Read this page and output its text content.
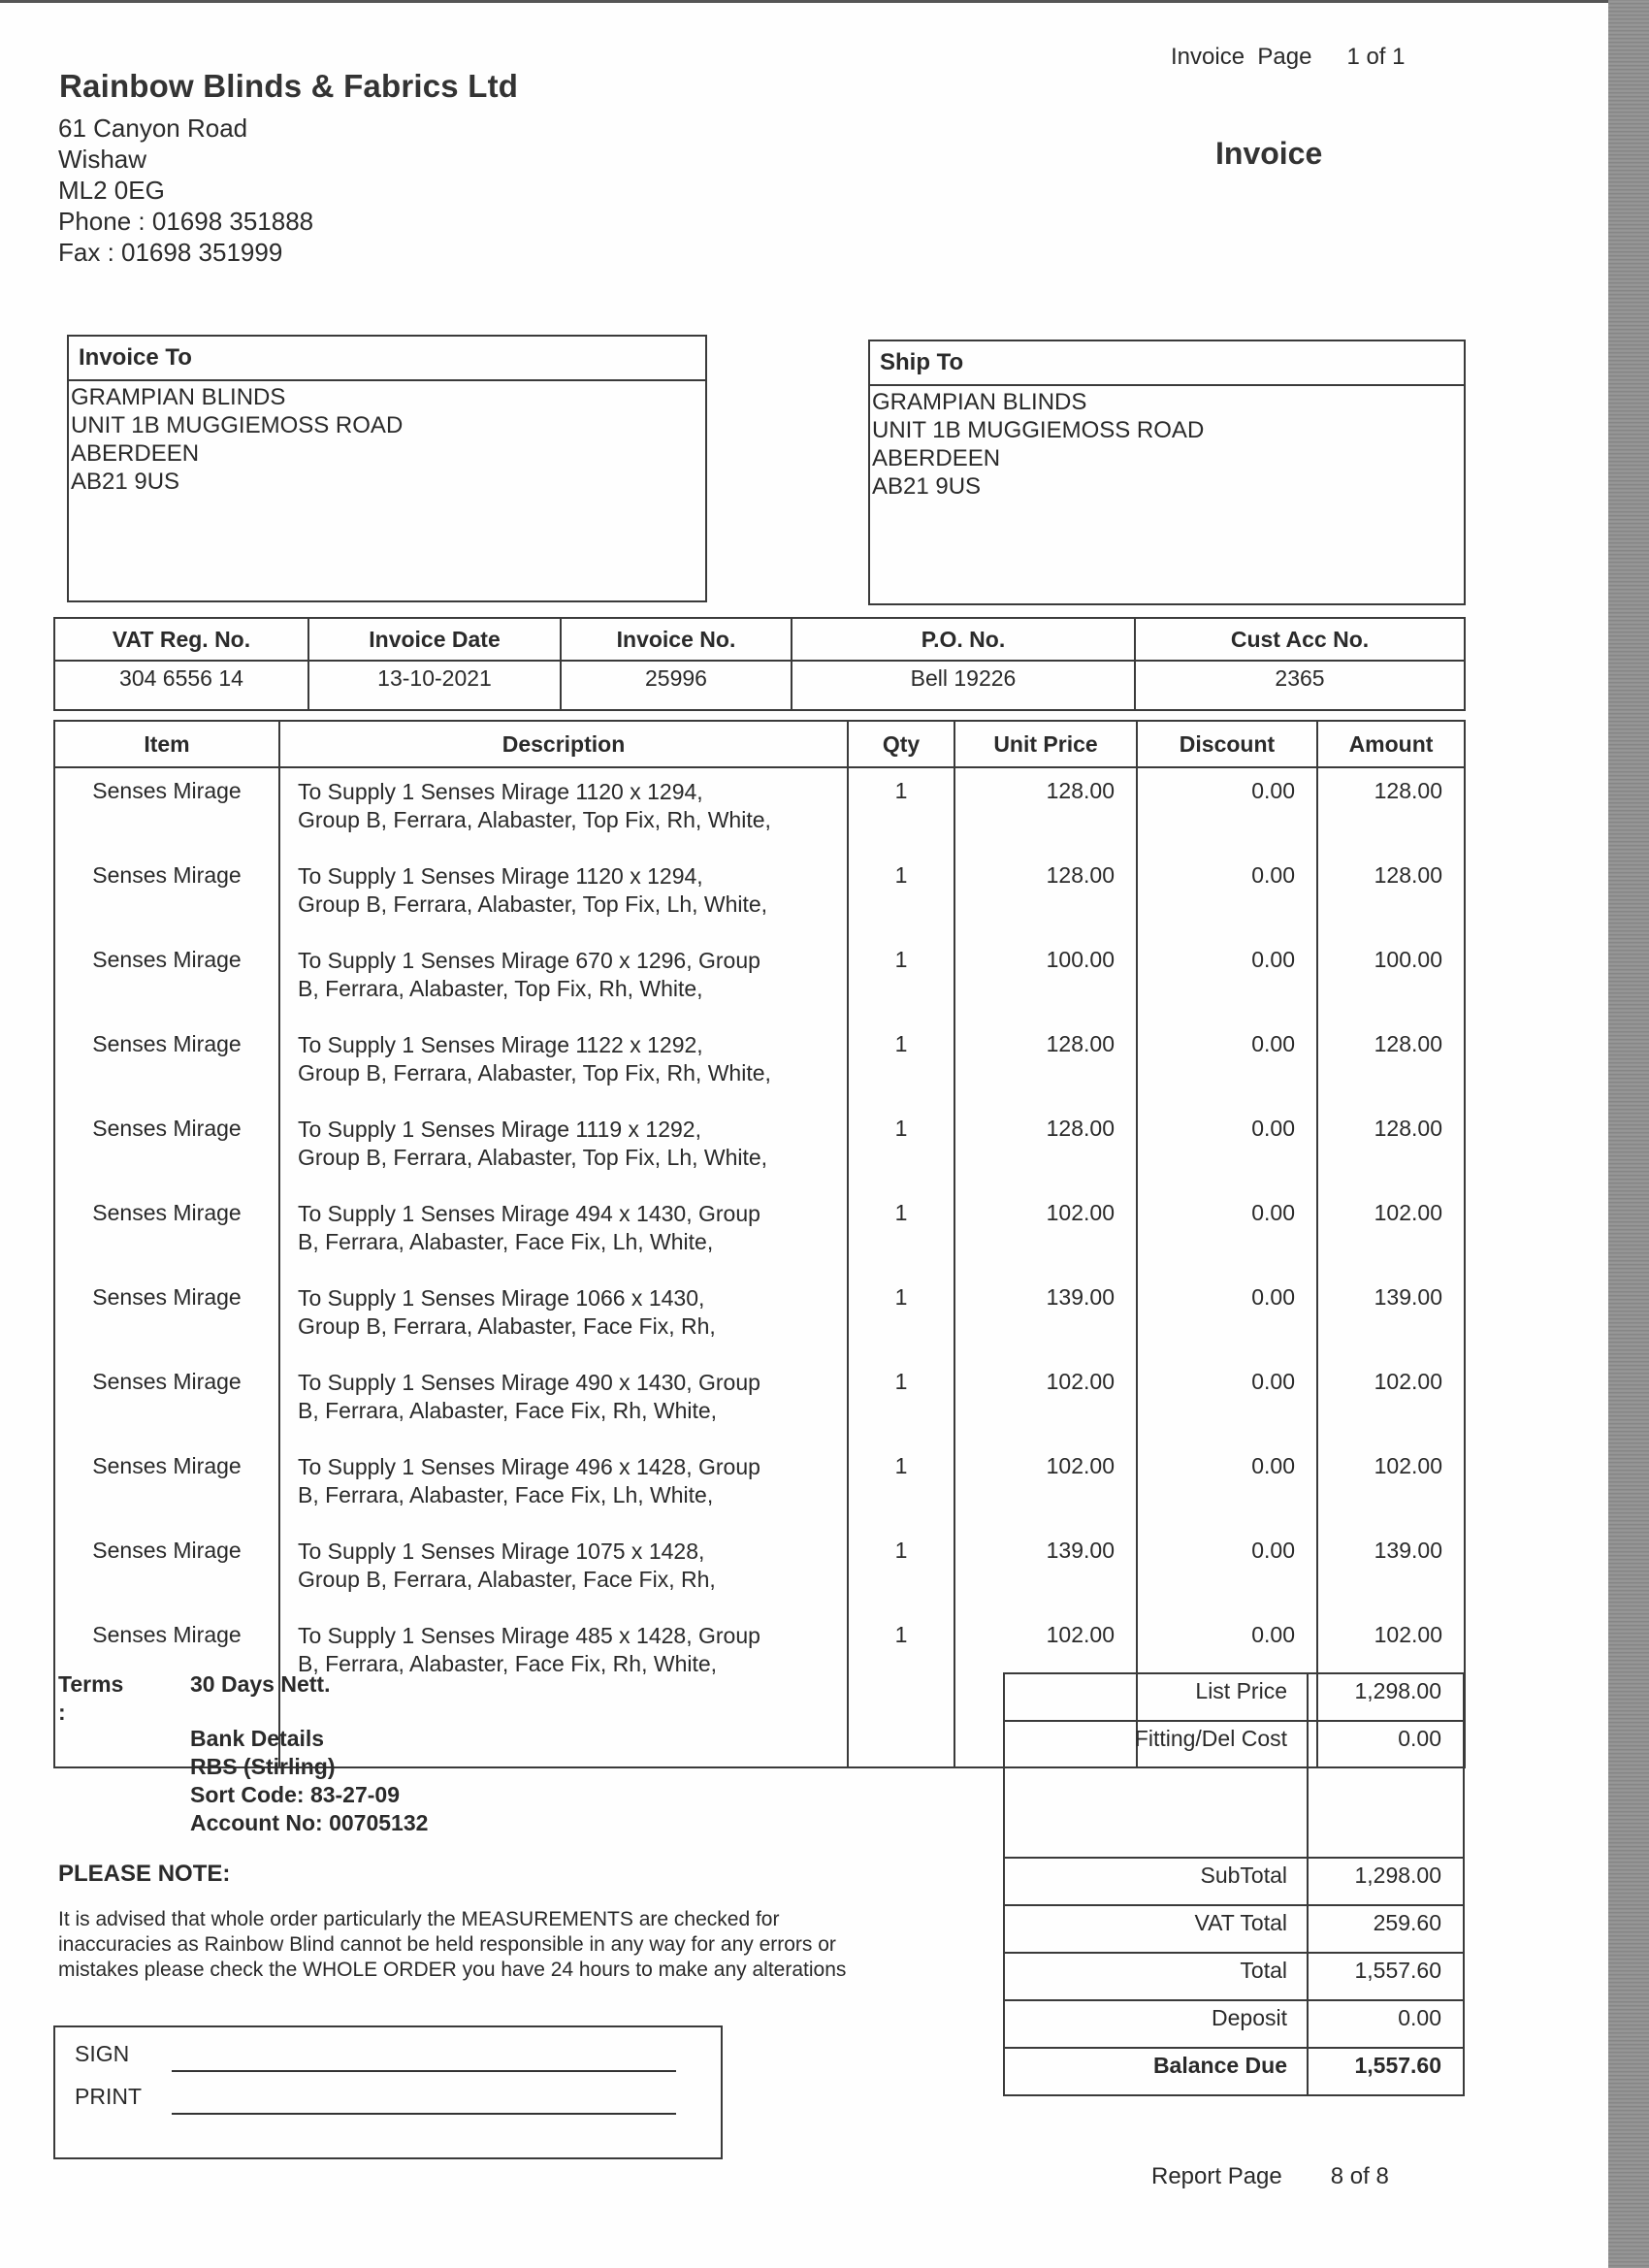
Rainbow Blinds & Fabrics Ltd
61 Canyon Road
Wishaw
ML2 0EG
Phone : 01698 351888
Fax : 01698 351999
Invoice  Page 1 of 1
Invoice
Invoice To
GRAMPIAN BLINDS
UNIT 1B MUGGIEMOSS ROAD
ABERDEEN
AB21 9US
Ship To
GRAMPIAN BLINDS
UNIT 1B MUGGIEMOSS ROAD
ABERDEEN
AB21 9US
VAT Reg. No.	Invoice Date	Invoice No.	P.O. No.	Cust Acc No.
304 6556 14	13-10-2021	25996	Bell 19226	2365
Item	Description	Qty	Unit Price	Discount	Amount
Senses Mirage	To Supply 1 Senses Mirage 1120 x 1294,
Group B, Ferrara, Alabaster, Top Fix, Rh, White,	1	128.00	0.00	128.00
Senses Mirage	To Supply 1 Senses Mirage 1120 x 1294,
Group B, Ferrara, Alabaster, Top Fix, Lh, White,	1	128.00	0.00	128.00
Senses Mirage	To Supply 1 Senses Mirage 670 x 1296, Group
B, Ferrara, Alabaster, Top Fix, Rh, White,	1	100.00	0.00	100.00
Senses Mirage	To Supply 1 Senses Mirage 1122 x 1292,
Group B, Ferrara, Alabaster, Top Fix, Rh, White,	1	128.00	0.00	128.00
Senses Mirage	To Supply 1 Senses Mirage 1119 x 1292,
Group B, Ferrara, Alabaster, Top Fix, Lh, White,	1	128.00	0.00	128.00
Senses Mirage	To Supply 1 Senses Mirage 494 x 1430, Group
B, Ferrara, Alabaster, Face Fix, Lh, White,	1	102.00	0.00	102.00
Senses Mirage	To Supply 1 Senses Mirage 1066 x 1430,
Group B, Ferrara, Alabaster, Face Fix, Rh,	1	139.00	0.00	139.00
Senses Mirage	To Supply 1 Senses Mirage 490 x 1430, Group
B, Ferrara, Alabaster, Face Fix, Rh, White,	1	102.00	0.00	102.00
Senses Mirage	To Supply 1 Senses Mirage 496 x 1428, Group
B, Ferrara, Alabaster, Face Fix, Lh, White,	1	102.00	0.00	102.00
Senses Mirage	To Supply 1 Senses Mirage 1075 x 1428,
Group B, Ferrara, Alabaster, Face Fix, Rh,	1	139.00	0.00	139.00
Senses Mirage	To Supply 1 Senses Mirage 485 x 1428, Group
B, Ferrara, Alabaster, Face Fix, Rh, White,	1	102.00	0.00	102.00

Terms :
30 Days Nett.
Bank Details
RBS (Stirling)
Sort Code: 83-27-09
Account No: 00705132
PLEASE NOTE:
It is advised that whole order particularly the MEASUREMENTS are checked for
inaccuracies as Rainbow Blind cannot be held responsible in any way for any errors or
mistakes please check the WHOLE ORDER you have 24 hours to make any alterations
SIGN
PRINT
List Price	1,298.00
Fitting/Del Cost	0.00
SubTotal	1,298.00
VAT Total	259.60
Total	1,557.60
Deposit	0.00
Balance Due	1,557.60
Report Page 8 of 8
